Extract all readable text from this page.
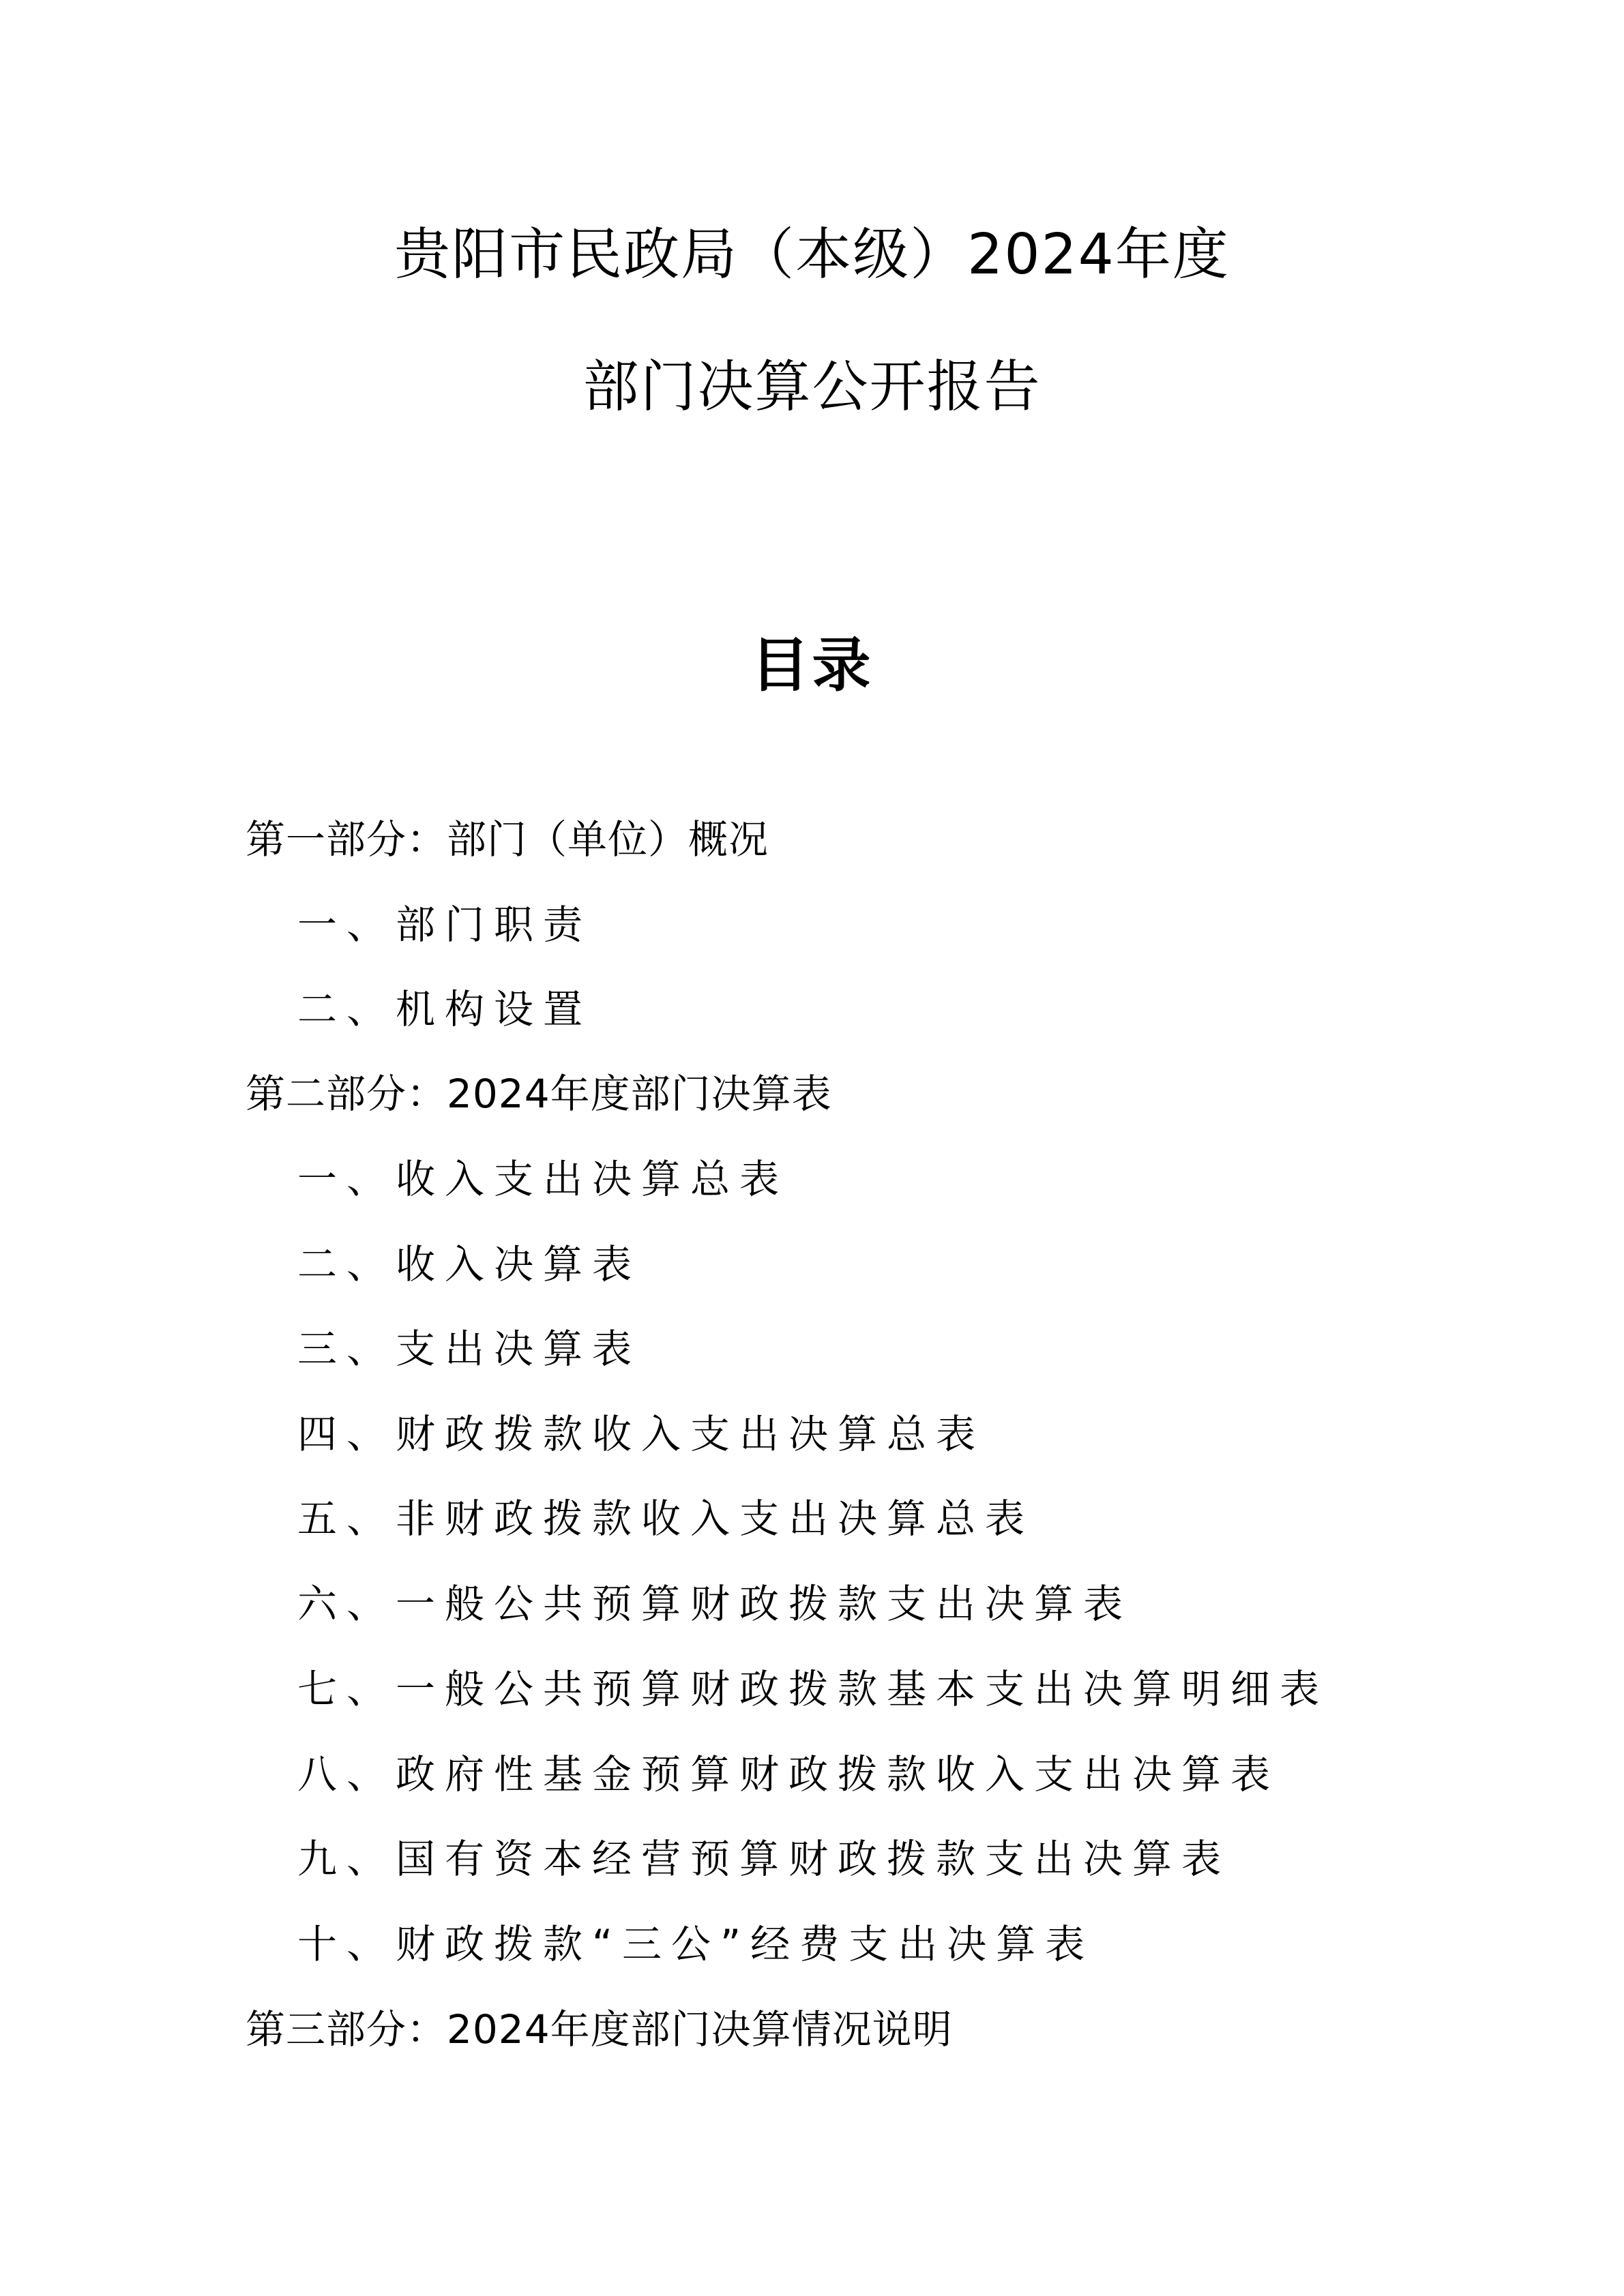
贵阳市民政局（本级）2024年度
部门决算公开报告
目录
第一部分：部门（单位）概况
一、部门职责
二、机构设置
第二部分：2024年度部门决算表
一、收入支出决算总表
二、收入决算表
三、支出决算表
四、财政拨款收入支出决算总表
五、非财政拨款收入支出决算总表
六、一般公共预算财政拨款支出决算表
七、一般公共预算财政拨款基本支出决算明细表
八、政府性基金预算财政拨款收入支出决算表
九、国有资本经营预算财政拨款支出决算表
十、财政拨款“三公”经费支出决算表
第三部分：2024年度部门决算情况说明
